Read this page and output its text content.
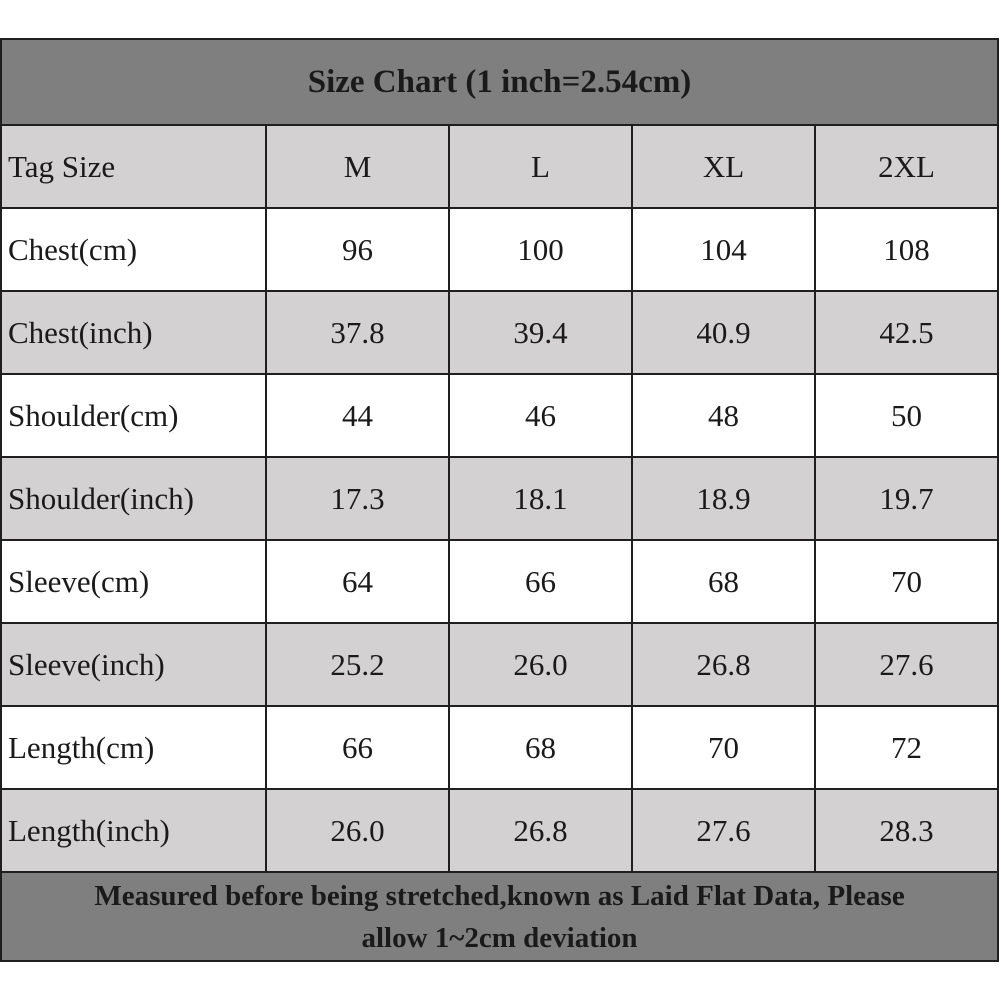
Size Chart (1 inch=2.54cm)				
Tag Size	M	L	XL	2XL
Chest(cm)	96	100	104	108
Chest(inch)	37.8	39.4	40.9	42.5
Shoulder(cm)	44	46	48	50
Shoulder(inch)	17.3	18.1	18.9	19.7
Sleeve(cm)	64	66	68	70
Sleeve(inch)	25.2	26.0	26.8	27.6
Length(cm)	66	68	70	72
Length(inch)	26.0	26.8	27.6	28.3
Measured before being stretched,known as Laid Flat Data, Please
allow 1~2cm deviation				
